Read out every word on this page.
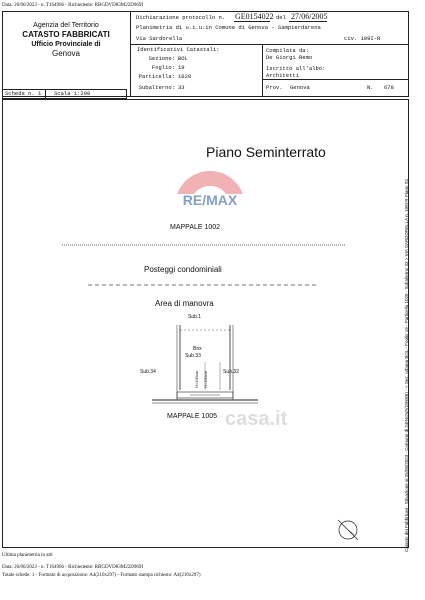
Data: 26/06/2023 - n. T164966 - Richiedente: RBGDVD83M22D969I
Agenzia del Territorio
CATASTO FABBRICATI
Ufficio Provinciale di
Genova
Dichiarazione protocollo n. GE0154022 del 27/06/2005
Planimetria di u.i.u.in Comune di Genova - Sampierdarena
Via Sardorella	civ. 109I-R
Identificativi Catastali:
Sezione: BOL
Foglio: 19
Particella: 1020
Subalterno: 33
Compilata da:
De Giorgi Remo
Iscritto all'albo:
Architetti
Prov. Genova	N. 678
Scheda n. 1 Scala 1:200
RE/MAX
Piano Seminterrato
MAPPALE 1002
Posteggi condominiali
Area di manovra
Sub.1
Box
Sub.33
Sub.34	Sub.32
H=330cm H=340cm
MAPPALE 1005 casa.it	Catasto dei Fabbricati - Situazione al 26/06/2023 - Comune di GENOVA(D969B) - < Sez. urbana BOL - Foglio 19 - Particella 1020 - Subalterno 33 > VIA SARDORELLA n. 109I-R Piano S1
Ultima planimetria in atti
Data: 26/06/2023 - n. T164966 - Richiedente: RBGDVD83M22D969I
Totale schede: 1 - Formato di acquisizione: A4(210x297) - Formato stampa richiesto: A4(210x297)
